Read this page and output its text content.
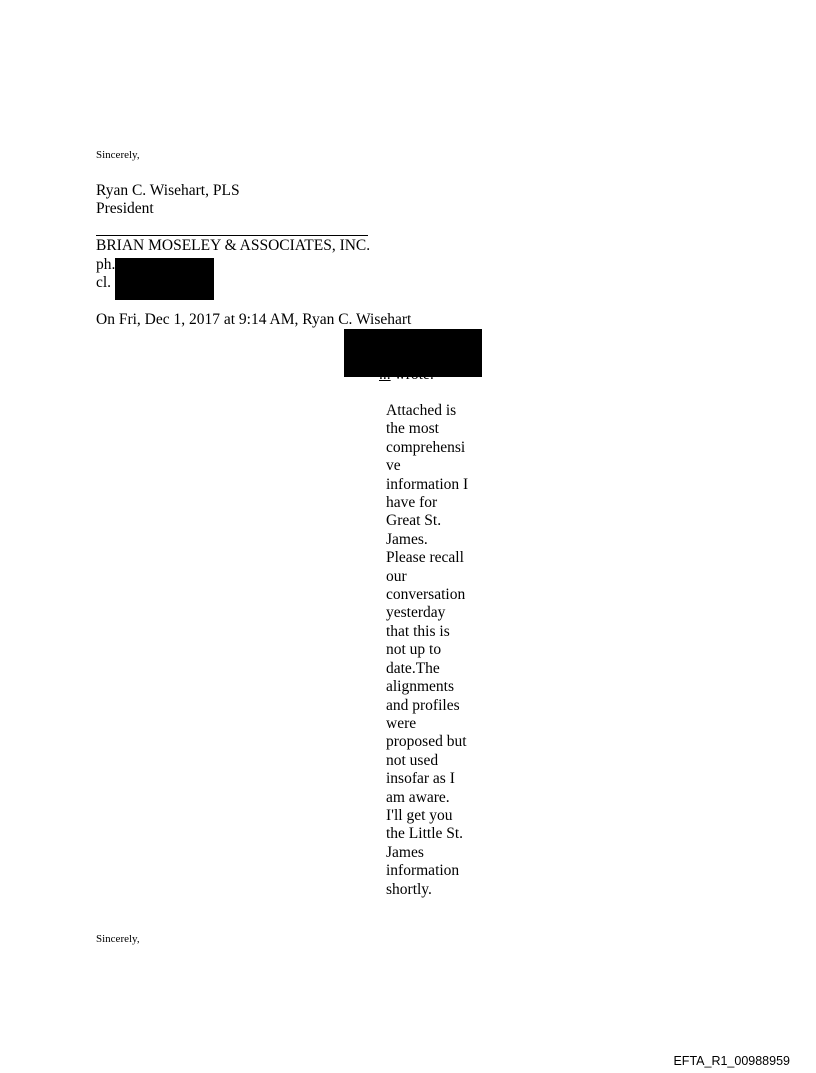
Sincerely,
Ryan C. Wisehart, PLS
President
BRIAN MOSELEY & ASSOCIATES, INC.
ph.
cl.
On Fri, Dec 1, 2017 at 9:14 AM, Ryan C. Wisehart
Attached is
the most
comprehensi
ve
information I
have for
Great St.
James.
Please recall
our
conversation
yesterday
that this is
not up to
date.The
alignments
and profiles
were
proposed but
not used
insofar as I
am aware.
I'll get you
the Little St.
James
information
shortly.
Sincerely,
EFTA_R1_00988959
